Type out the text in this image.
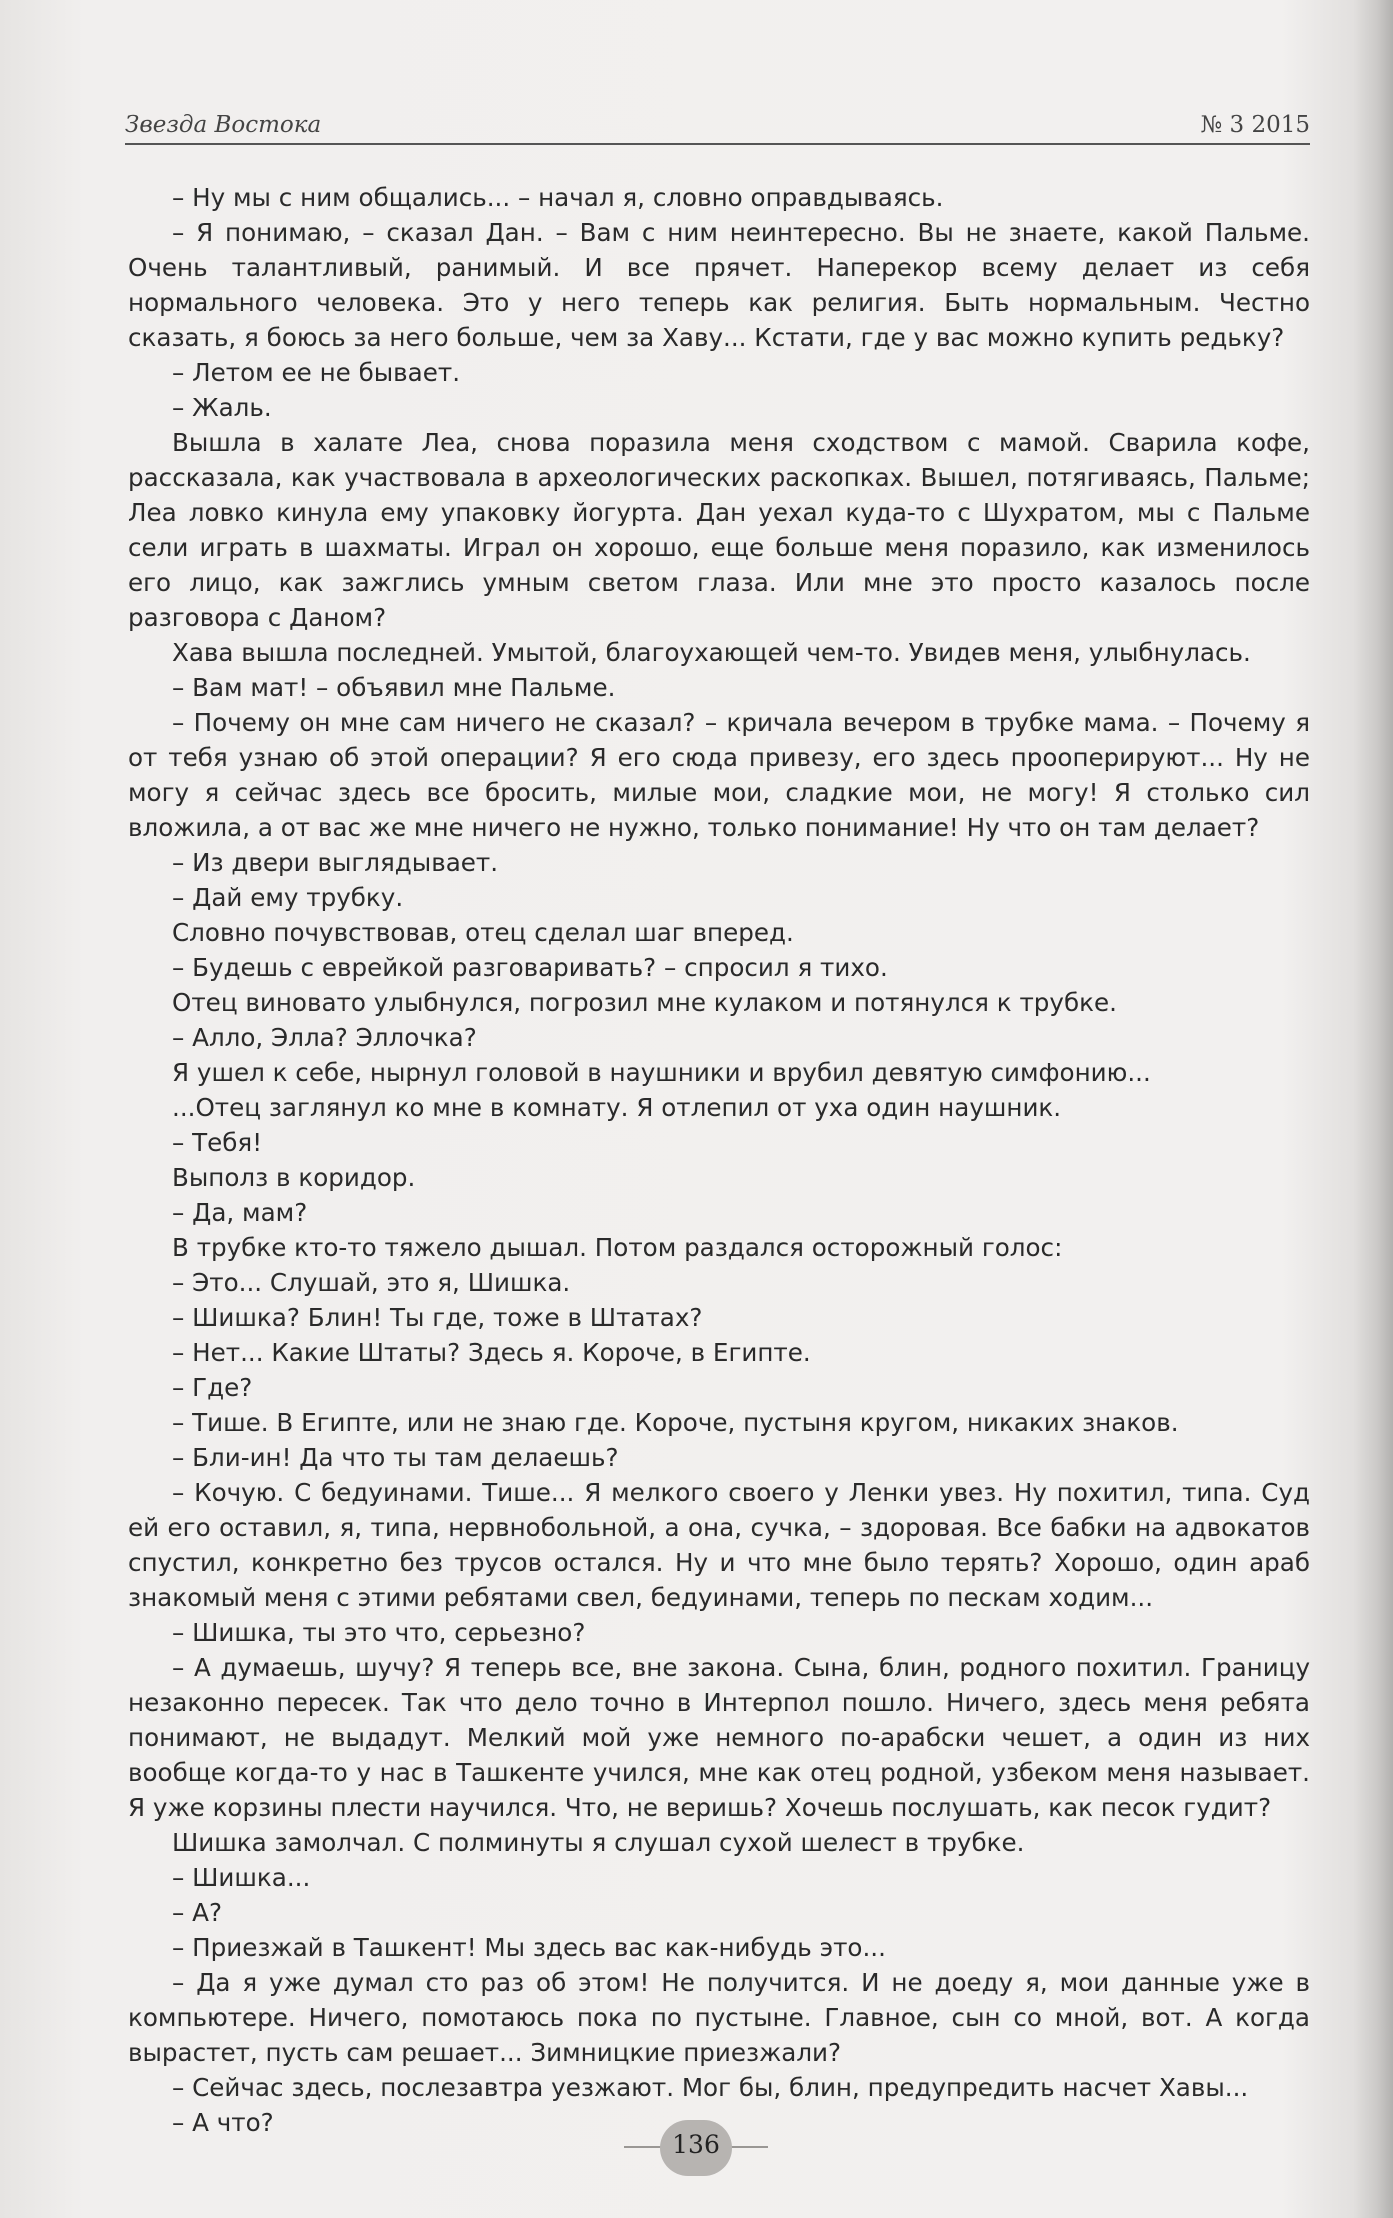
Звезда Востока	№ 3 2015

– Ну мы с ним общались... – начал я, словно оправдываясь.

– Я понимаю, – сказал Дан. – Вам с ним неинтересно. Вы не знаете, какой Пальме. Очень талантливый, ранимый. И все прячет. Наперекор всему делает из себя нормального человека. Это у него теперь как религия. Быть нормальным. Честно сказать, я боюсь за него больше, чем за Хаву... Кстати, где у вас можно купить редьку?

– Летом ее не бывает.

– Жаль.

Вышла в халате Леа, снова поразила меня сходством с мамой. Сварила кофе, рассказала, как участвовала в археологических раскопках. Вышел, потягиваясь, Пальме; Леа ловко кинула ему упаковку йогурта. Дан уехал куда-то с Шухратом, мы с Пальме сели играть в шахматы. Играл он хорошо, еще больше меня поразило, как изменилось его лицо, как зажглись умным светом глаза. Или мне это просто казалось после разговора с Даном?

Хава вышла последней. Умытой, благоухающей чем-то. Увидев меня, улыбнулась.

– Вам мат! – объявил мне Пальме.

– Почему он мне сам ничего не сказал? – кричала вечером в трубке мама. – Почему я от тебя узнаю об этой операции? Я его сюда привезу, его здесь прооперируют... Ну не могу я сейчас здесь все бросить, милые мои, сладкие мои, не могу! Я столько сил вложила, а от вас же мне ничего не нужно, только понимание! Ну что он там делает?

– Из двери выглядывает.

– Дай ему трубку.

Словно почувствовав, отец сделал шаг вперед.

– Будешь с еврейкой разговаривать? – спросил я тихо.

Отец виновато улыбнулся, погрозил мне кулаком и потянулся к трубке.

– Алло, Элла? Эллочка?

Я ушел к себе, нырнул головой в наушники и врубил девятую симфонию...

...Отец заглянул ко мне в комнату. Я отлепил от уха один наушник.

– Тебя!

Выполз в коридор.

– Да, мам?

В трубке кто-то тяжело дышал. Потом раздался осторожный голос:

– Это... Слушай, это я, Шишка.

– Шишка? Блин! Ты где, тоже в Штатах?

– Нет... Какие Штаты? Здесь я. Короче, в Египте.

– Где?

– Тише. В Египте, или не знаю где. Короче, пустыня кругом, никаких знаков.

– Бли-ин! Да что ты там делаешь?

– Кочую. С бедуинами. Тише... Я мелкого своего у Ленки увез. Ну похитил, типа. Суд ей его оставил, я, типа, нервнобольной, а она, сучка, – здоровая. Все бабки на адвокатов спустил, конкретно без трусов остался. Ну и что мне было терять? Хорошо, один араб знакомый меня с этими ребятами свел, бедуинами, теперь по пескам ходим...

– Шишка, ты это что, серьезно?

– А думаешь, шучу? Я теперь все, вне закона. Сына, блин, родного похитил. Границу незаконно пересек. Так что дело точно в Интерпол пошло. Ничего, здесь меня ребята понимают, не выдадут. Мелкий мой уже немного по-арабски чешет, а один из них вообще когда-то у нас в Ташкенте учился, мне как отец родной, узбеком меня называет. Я уже корзины плести научился. Что, не веришь? Хочешь послушать, как песок гудит?

Шишка замолчал. С полминуты я слушал сухой шелест в трубке.

– Шишка...

– А?

– Приезжай в Ташкент! Мы здесь вас как-нибудь это...

– Да я уже думал сто раз об этом! Не получится. И не доеду я, мои данные уже в компьютере. Ничего, помотаюсь пока по пустыне. Главное, сын со мной, вот. А когда вырастет, пусть сам решает... Зимницкие приезжали?

– Сейчас здесь, послезавтра уезжают. Мог бы, блин, предупредить насчет Хавы...

– А что?

136
